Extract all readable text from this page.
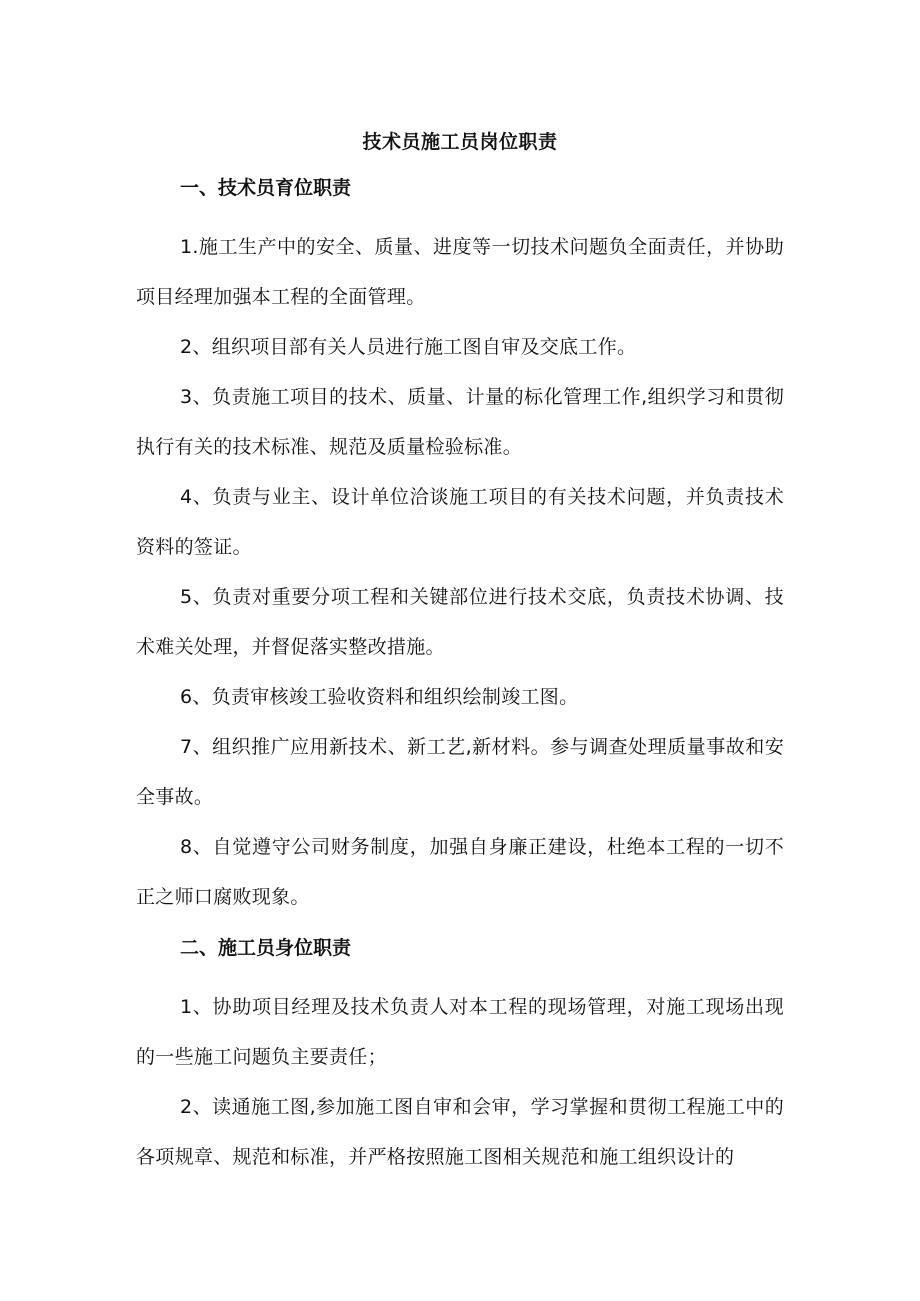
技术员施工员岗位职责
一、技术员育位职责

1.施工生产中的安全、质量、进度等一切技术问题负全面责任，并协助项目经理加强本工程的全面管理。

2、组织项目部有关人员进行施工图自审及交底工作。

3、负责施工项目的技术、质量、计量的标化管理工作,组织学习和贯彻执行有关的技术标准、规范及质量检验标准。

4、负责与业主、设计单位洽谈施工项目的有关技术问题，并负责技术资料的签证。

5、负责对重要分项工程和关键部位进行技术交底，负责技术协调、技术难关处理，并督促落实整改措施。

6、负责审核竣工验收资料和组织绘制竣工图。

7、组织推广应用新技术、新工艺,新材料。参与调查处理质量事故和安全事故。

8、自觉遵守公司财务制度，加强自身廉正建设，杜绝本工程的一切不正之师口腐败现象。

二、施工员身位职责

1、协助项目经理及技术负责人对本工程的现场管理，对施工现场出现的一些施工问题负主要责任；

2、读通施工图,参加施工图自审和会审，学习掌握和贯彻工程施工中的各项规章、规范和标准，并严格按照施工图相关规范和施工组织设计的
